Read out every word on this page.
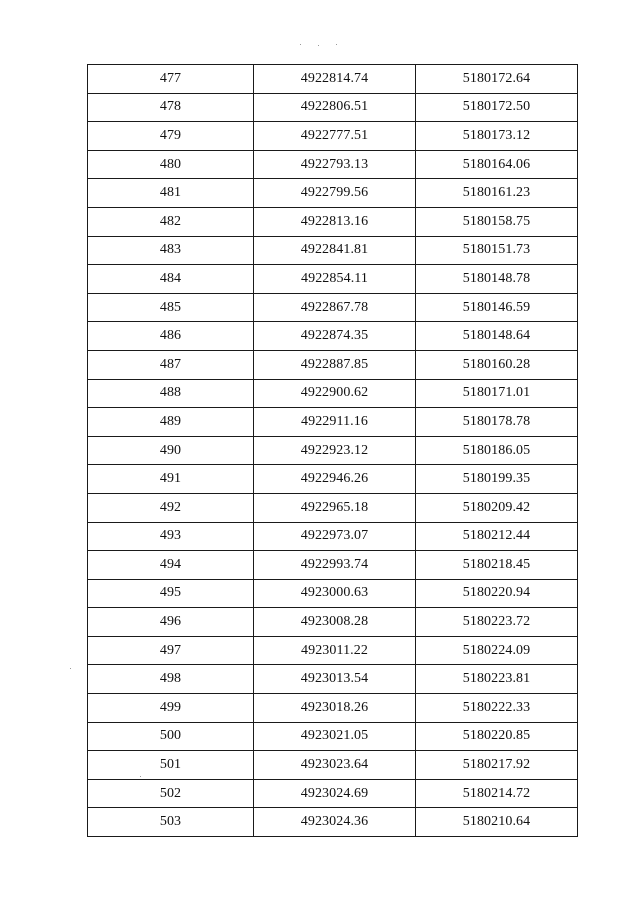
477	4922814.74	5180172.64
478	4922806.51	5180172.50
479	4922777.51	5180173.12
480	4922793.13	5180164.06
481	4922799.56	5180161.23
482	4922813.16	5180158.75
483	4922841.81	5180151.73
484	4922854.11	5180148.78
485	4922867.78	5180146.59
486	4922874.35	5180148.64
487	4922887.85	5180160.28
488	4922900.62	5180171.01
489	4922911.16	5180178.78
490	4922923.12	5180186.05
491	4922946.26	5180199.35
492	4922965.18	5180209.42
493	4922973.07	5180212.44
494	4922993.74	5180218.45
495	4923000.63	5180220.94
496	4923008.28	5180223.72
497	4923011.22	5180224.09
498	4923013.54	5180223.81
499	4923018.26	5180222.33
500	4923021.05	5180220.85
501	4923023.64	5180217.92
502	4923024.69	5180214.72
503	4923024.36	5180210.64
